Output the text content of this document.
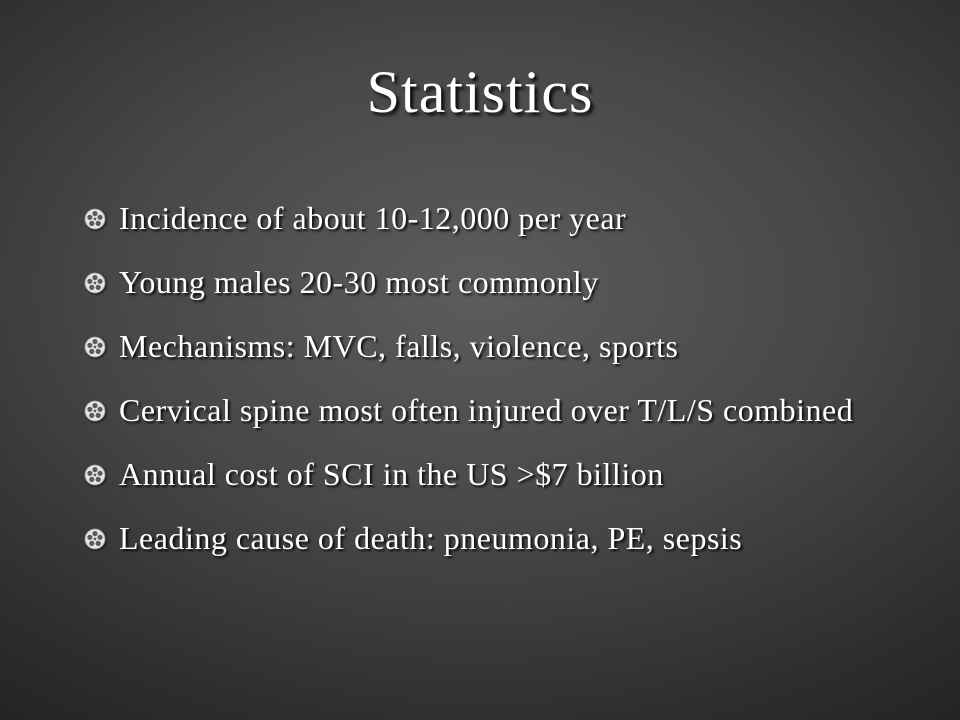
Statistics
Incidence of about 10-12,000 per year
Young males 20-30 most commonly
Mechanisms: MVC, falls, violence, sports
Cervical spine most often injured over T/L/S combined
Annual cost of SCI in the US >$7 billion
Leading cause of death: pneumonia, PE, sepsis
